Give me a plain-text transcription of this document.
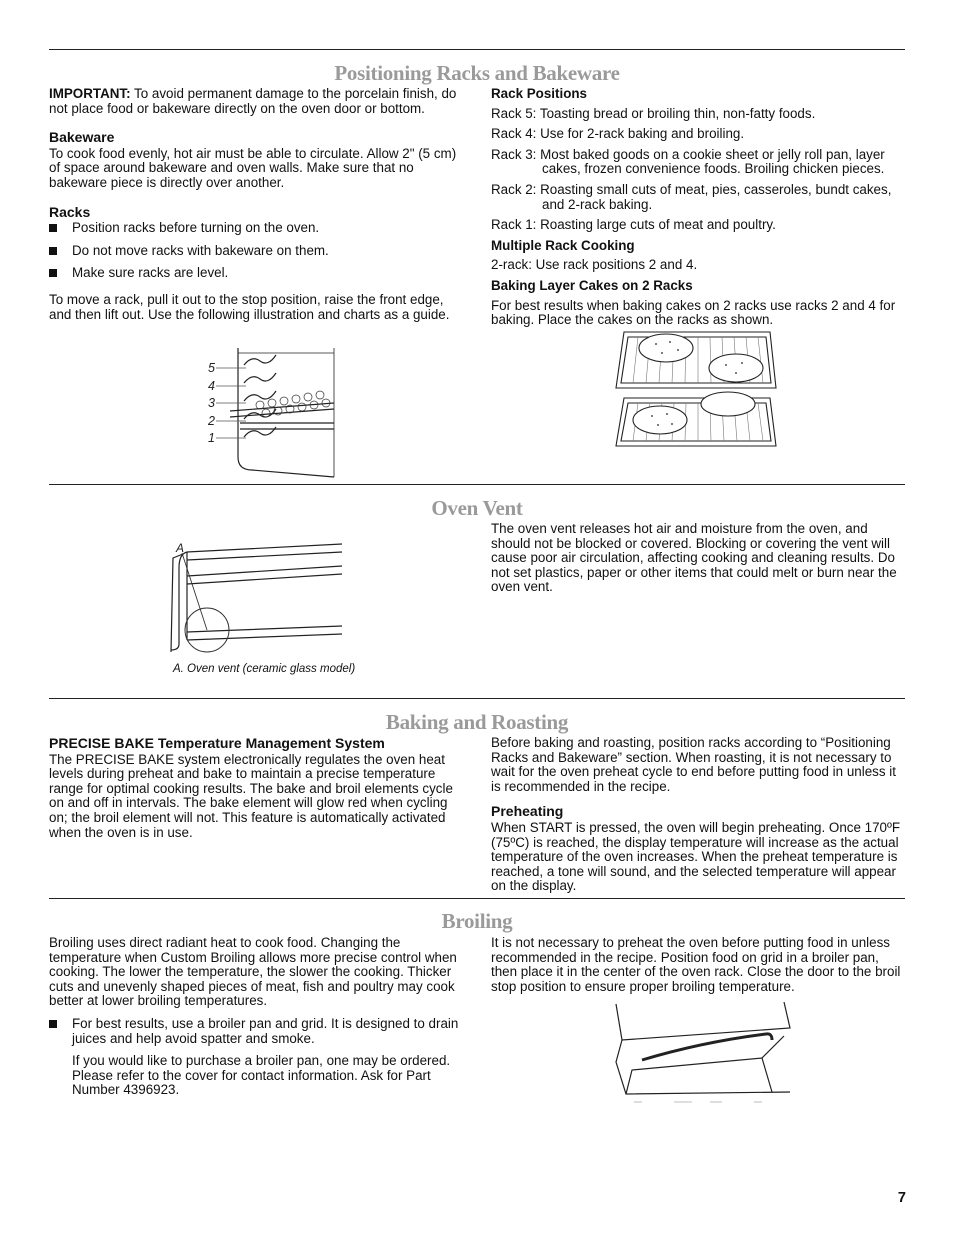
Positioning Racks and Bakeware

IMPORTANT: To avoid permanent damage to the porcelain finish, do not place food or bakeware directly on the oven door or bottom.

Bakeware

To cook food evenly, hot air must be able to circulate. Allow 2" (5 cm) of space around bakeware and oven walls. Make sure that no bakeware piece is directly over another.

Racks
Position racks before turning on the oven.
Do not move racks with bakeware on them.
Make sure racks are level.

To move a rack, pull it out to the stop position, raise the front edge, and then lift out. Use the following illustration and charts as a guide.

5
4
3
2
1
Rack Positions

Rack 5: Toasting bread or broiling thin, non-fatty foods.

Rack 4: Use for 2-rack baking and broiling.

Rack 3: Most baked goods on a cookie sheet or jelly roll pan, layer cakes, frozen convenience foods. Broiling chicken pieces.

Rack 2: Roasting small cuts of meat, pies, casseroles, bundt cakes, and 2-rack baking.

Rack 1: Roasting large cuts of meat and poultry.

Multiple Rack Cooking

2-rack: Use rack positions 2 and 4.

Baking Layer Cakes on 2 Racks

For best results when baking cakes on 2 racks use racks 2 and 4 for baking. Place the cakes on the racks as shown.

Oven Vent
A
A. Oven vent (ceramic glass model)

The oven vent releases hot air and moisture from the oven, and should not be blocked or covered. Blocking or covering the vent will cause poor air circulation, affecting cooking and cleaning results. Do not set plastics, paper or other items that could melt or burn near the oven vent.

Baking and Roasting
PRECISE BAKE Temperature Management System

The PRECISE BAKE system electronically regulates the oven heat levels during preheat and bake to maintain a precise temperature range for optimal cooking results. The bake and broil elements cycle on and off in intervals. The bake element will glow red when cycling on; the broil element will not. This feature is automatically activated when the oven is in use.

Before baking and roasting, position racks according to “Positioning Racks and Bakeware” section. When roasting, it is not necessary to wait for the oven preheat cycle to end before putting food in unless it is recommended in the recipe.

Preheating

When START is pressed, the oven will begin preheating. Once 170ºF (75ºC) is reached, the display temperature will increase as the actual temperature of the oven increases. When the preheat temperature is reached, a tone will sound, and the selected temperature will appear on the display.

Broiling

Broiling uses direct radiant heat to cook food. Changing the temperature when Custom Broiling allows more precise control when cooking. The lower the temperature, the slower the cooking. Thicker cuts and unevenly shaped pieces of meat, fish and poultry may cook better at lower broiling temperatures.

For best results, use a broiler pan and grid. It is designed to drain juices and help avoid spatter and smoke.

If you would like to purchase a broiler pan, one may be ordered. Please refer to the cover for contact information. Ask for Part Number 4396923.

It is not necessary to preheat the oven before putting food in unless recommended in the recipe. Position food on grid in a broiler pan, then place it in the center of the oven rack. Close the door to the broil stop position to ensure proper broiling temperature.

7
